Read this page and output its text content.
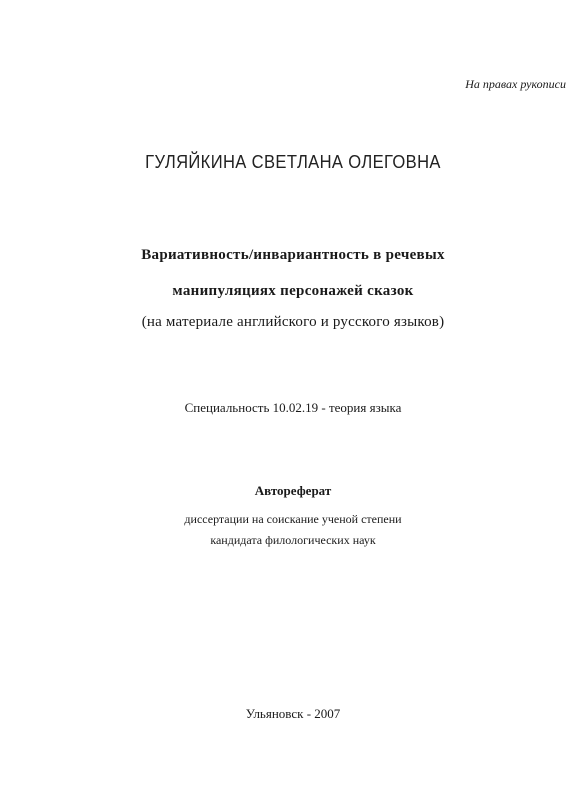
На правах рукописи
ГУЛЯЙКИНА СВЕТЛАНА ОЛЕГОВНА
Вариативность/инвариантность в речевых
манипуляциях персонажей сказок
(на материале английского и русского языков)
Специальность 10.02.19 - теория языка
Автореферат
диссертации на соискание ученой степени
кандидата филологических наук
Ульяновск - 2007
